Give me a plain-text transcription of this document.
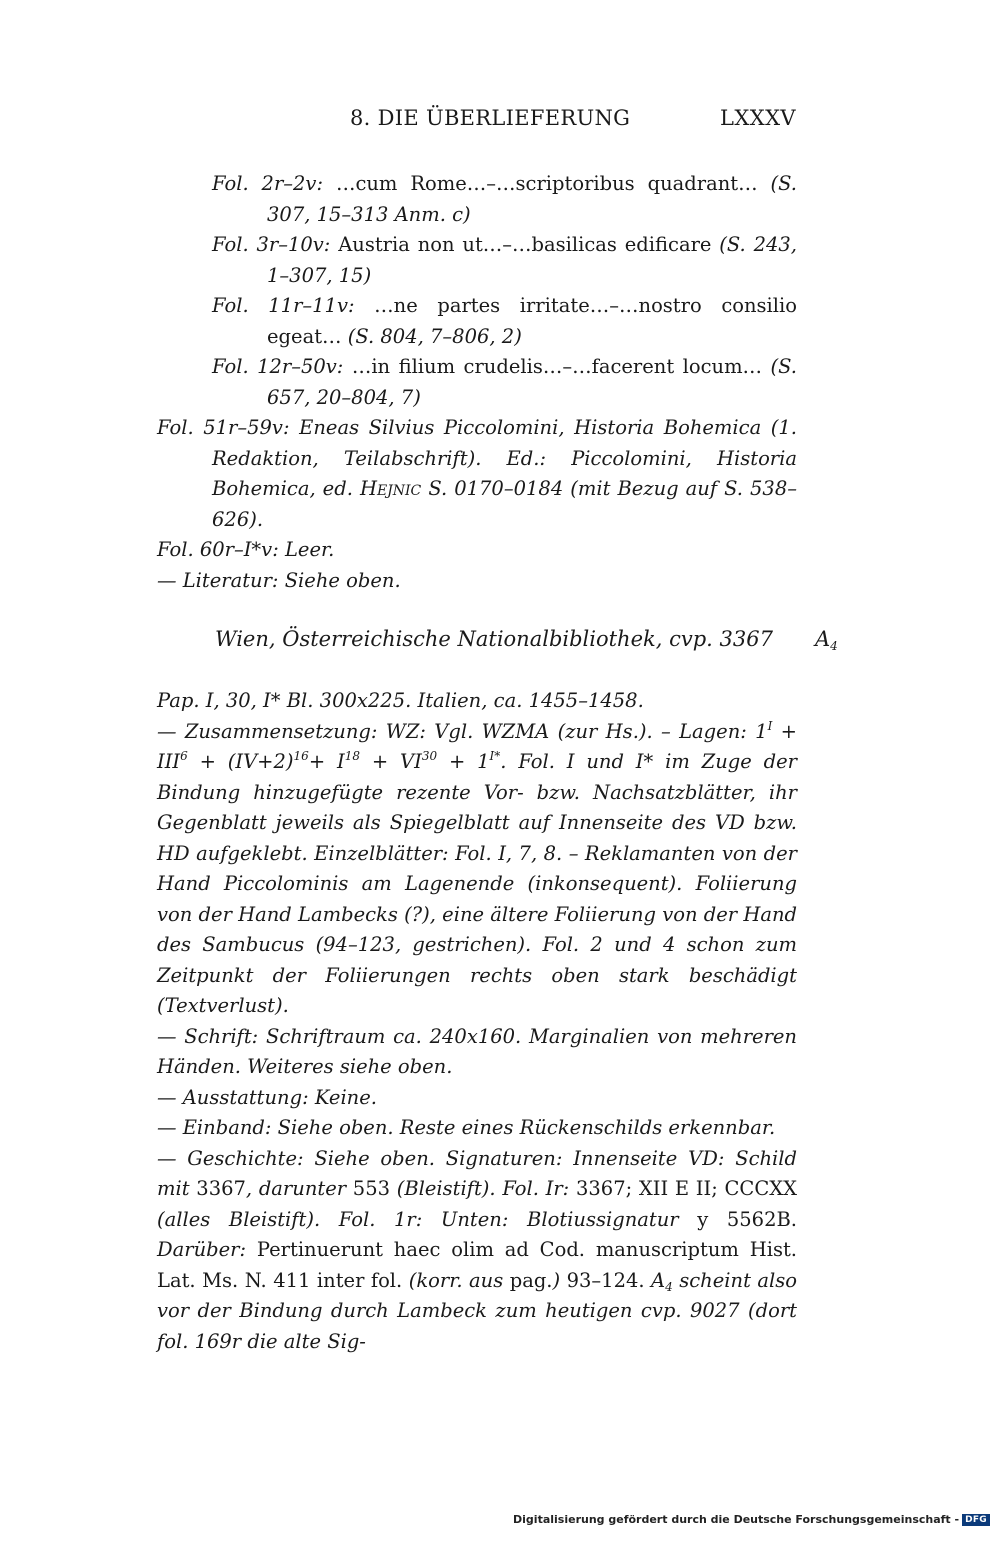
8. DIE ÜBERLIEFERUNG	LXXXV

Fol. 2r–2v: …cum Rome…–…scriptoribus quadrant… (S. 307, 15–313 Anm. c)

Fol. 3r–10v: Austria non ut…–…basilicas edificare (S. 243, 1–307, 15)

Fol. 11r–11v: …ne partes irritate…–…nostro consilio egeat… (S. 804, 7–806, 2)

Fol. 12r–50v: …in filium crudelis…–…facerent locum… (S. 657, 20–804, 7)

Fol. 51r–59v: Eneas Silvius Piccolomini, Historia Bohemica (1. Redaktion, Teilabschrift). Ed.: Piccolomini, Historia Bohemica, ed. Hejnic S. 0170–0184 (mit Bezug auf S. 538–626).

Fol. 60r–I*v: Leer.

— Literatur: Siehe oben.

Wien, Österreichische Nationalbibliothek, cvp. 3367 $A_4$

Pap. I, 30, I* Bl. 300x225. Italien, ca. 1455–1458.

— Zusammensetzung: WZ: Vgl. WZMA (zur Hs.). – Lagen: $1^I + III^6 + (IV+2)^{16}+ I^{18} + VI^{30} + 1^{I*}$. Fol. I und I* im Zuge der Bindung hinzugefügte rezente Vor- bzw. Nachsatzblätter, ihr Gegenblatt jeweils als Spiegelblatt auf Innenseite des VD bzw. HD aufgeklebt. Einzelblätter: Fol. I, 7, 8. – Reklamanten von der Hand Piccolominis am Lagenende (inkonsequent). Foliierung von der Hand Lambecks (?), eine ältere Foliierung von der Hand des Sambucus (94–123, gestrichen). Fol. 2 und 4 schon zum Zeitpunkt der Foliierungen rechts oben stark beschädigt (Textverlust).

— Schrift: Schriftraum ca. 240x160. Marginalien von mehreren Händen. Weiteres siehe oben.

— Ausstattung: Keine.

— Einband: Siehe oben. Reste eines Rückenschilds erkennbar.

— Geschichte: Siehe oben. Signaturen: Innenseite VD: Schild mit 3367, darunter 553 (Bleistift). Fol. Ir: 3367; XII E II; CCCXX (alles Bleistift). Fol. 1r: Unten: Blotiussignatur y 5562B. Darüber: Pertinuerunt haec olim ad Cod. manuscriptum Hist. Lat. Ms. N. 411 inter fol. (korr. aus pag.) 93–124. $A_4$ scheint also vor der Bindung durch Lambeck zum heutigen cvp. 9027 (dort fol. 169r die alte Sig-

Digitalisierung gefördert durch die Deutsche Forschungsgemeinschaft - DFG
